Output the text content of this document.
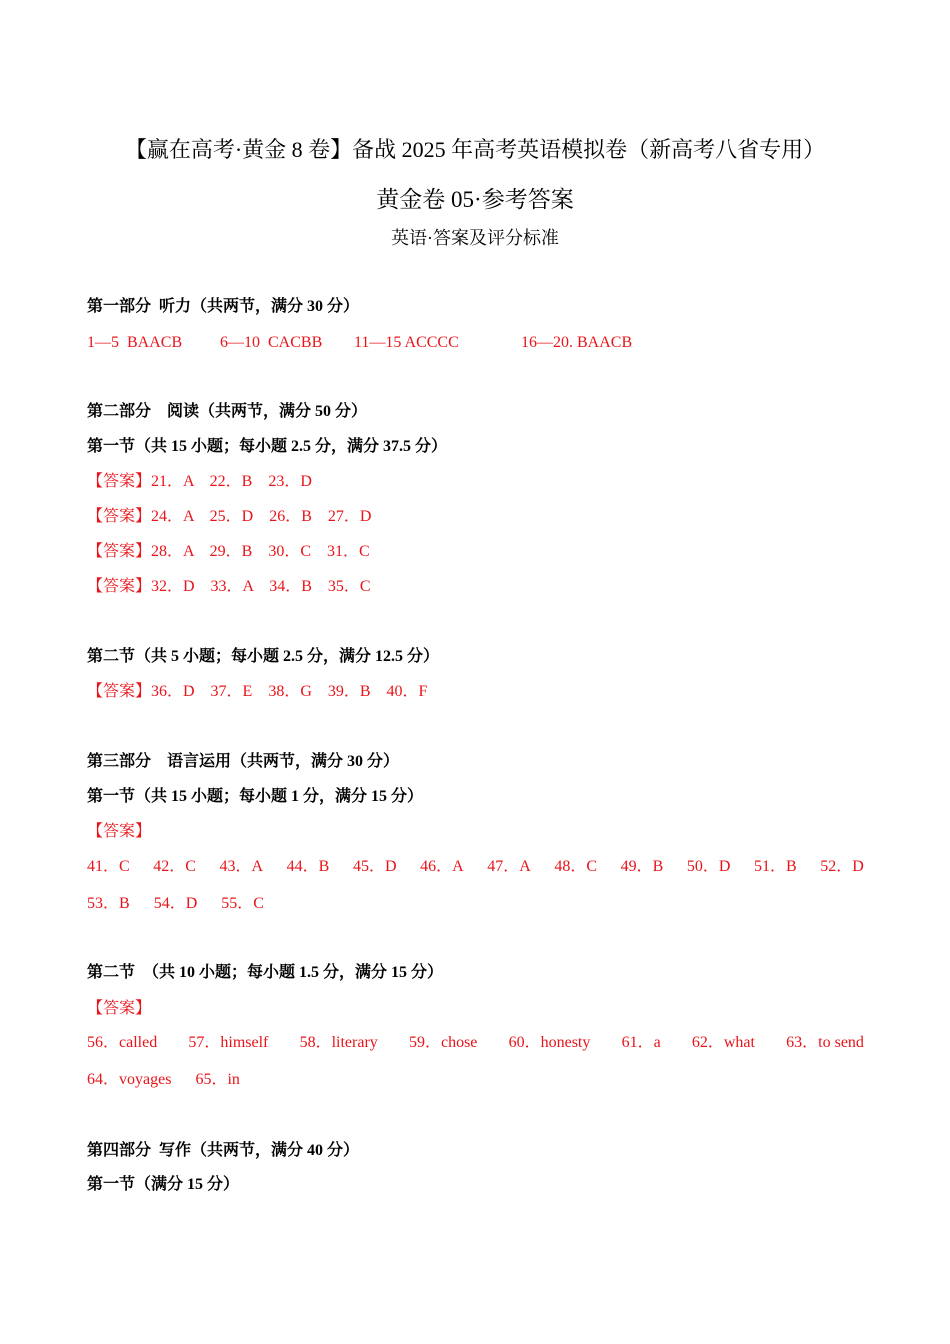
【赢在高考·黄金 8 卷】备战 2025 年高考英语模拟卷（新高考八省专用）
黄金卷 05·参考答案
英语·答案及评分标准
第一部分  听力（共两节，满分 30 分）

1—5  BAACB

6—10  CACBB

11—15 ACCCC

	16—20. BAACB

第二部分    阅读（共两节，满分 50 分）
第一节（共 15 小题；每小题 2.5 分，满分 37.5 分）
【答案】21．A    22．B    23．D
【答案】24．A    25．D    26．B    27．D
【答案】28．A    29．B    30．C    31．C
【答案】32．D    33．A    34．B    35．C
第二节（共 5 小题；每小题 2.5 分，满分 12.5 分）
【答案】36．D    37．E    38．G    39．B    40．F
第三部分    语言运用（共两节，满分 30 分）
第一节（共 15 小题；每小题 1 分，满分 15 分）
【答案】
41．C 42．C 43．A 44．B 45．D 46．A 47．A 48．C 49．B 50．D 51．B 52．D
53．B 54．D 55．C
第二节  （共 10 小题；每小题 1.5 分，满分 15 分）
【答案】
56．called 57．himself 58．literary 59．chose 60．honesty 61．a 62．what 63．to send
64．voyages 65．in
第四部分  写作（共两节，满分 40 分）
第一节（满分 15 分）
